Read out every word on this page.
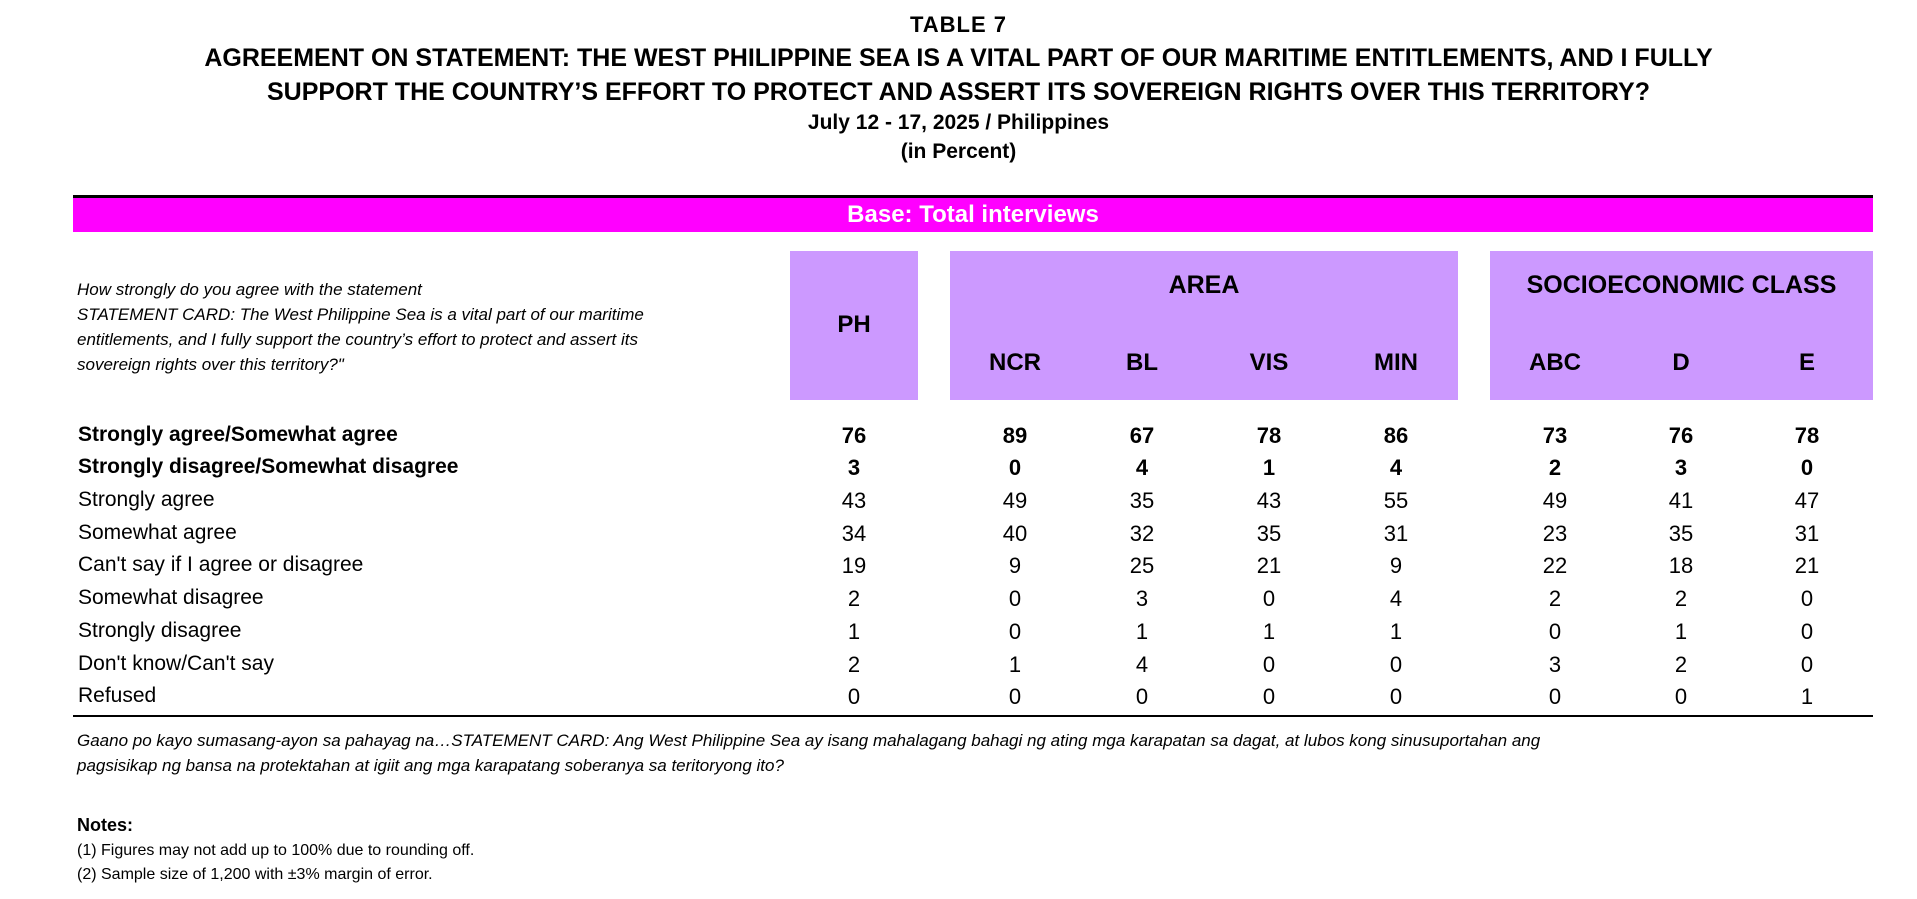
TABLE 7
AGREEMENT ON STATEMENT: THE WEST PHILIPPINE SEA IS A VITAL PART OF OUR MARITIME ENTITLEMENTS, AND I FULLY
SUPPORT THE COUNTRY’S EFFORT TO PROTECT AND ASSERT ITS SOVEREIGN RIGHTS OVER THIS TERRITORY?
July 12 - 17, 2025 / Philippines
(in Percent)
Base: Total interviews
How strongly do you agree with the statement
STATEMENT CARD: The West Philippine Sea is a vital part of our maritime
entitlements, and I fully support the country’s effort to protect and assert its
sovereign rights over this territory?"
AREA	SOCIOECONOMIC CLASS
PH
NCR	BL	VIS	MIN	ABC	D	E
Strongly agree/Somewhat agree	76	89	67	78	86	73	76	78
Strongly disagree/Somewhat disagree	3	0	4	1	4	2	3	0
Strongly agree	43	49	35	43	55	49	41	47
Somewhat agree	34	40	32	35	31	23	35	31
Can't say if I agree or disagree	19	9	25	21	9	22	18	21
Somewhat disagree	2	0	3	0	4	2	2	0
Strongly disagree	1	0	1	1	1	0	1	0
Don't know/Can't say	2	1	4	0	0	3	2	0
Refused	0	0	0	0	0	0	0	1
Gaano po kayo sumasang-ayon sa pahayag na…STATEMENT CARD: Ang West Philippine Sea ay isang mahalagang bahagi ng ating mga karapatan sa dagat, at lubos kong sinusuportahan ang
pagsisikap ng bansa na protektahan at igiit ang mga karapatang soberanya sa teritoryong ito?
Notes:
(1) Figures may not add up to 100% due to rounding off.
(2) Sample size of 1,200 with ±3% margin of error.
